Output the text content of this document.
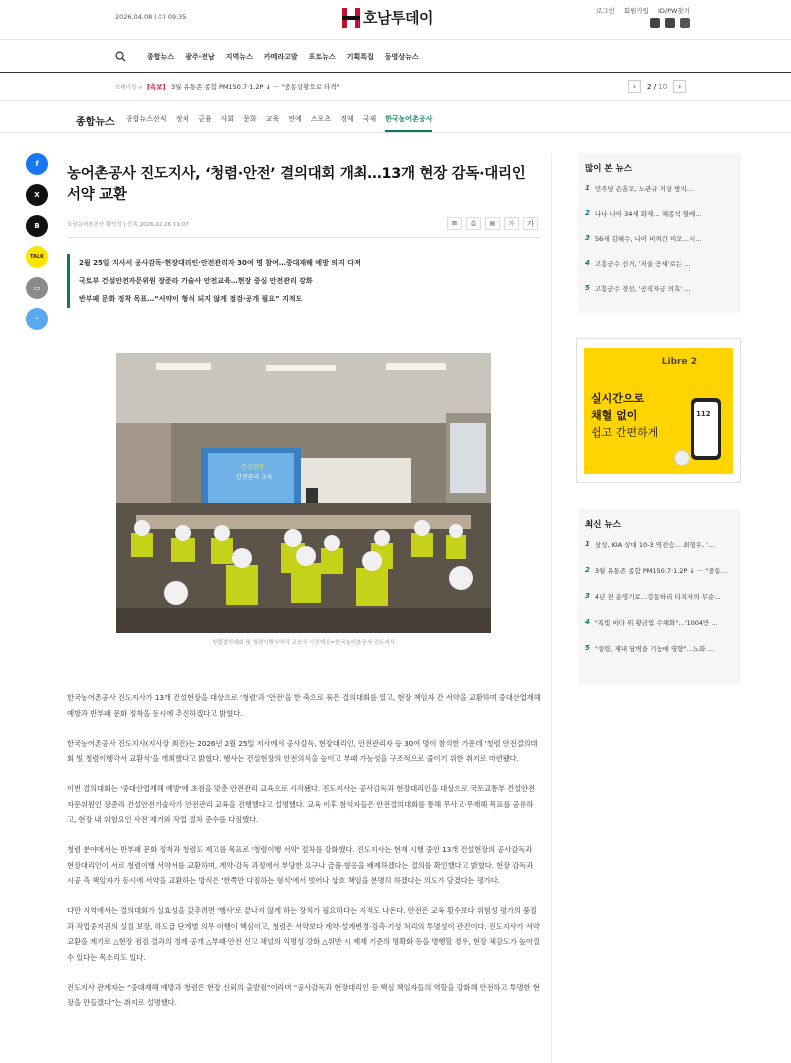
2026.04.08 (수) 09:35	호남투데이	로그인 회원가입 ID/PW찾기
종합뉴스 광주·전남 지역뉴스 카메라고발 포토뉴스 기획특집 동영상뉴스
브레이킹 > [속보] 3월 유통존 종합 PM150.7·1.2P ↓ ··· "중동상황으로 타격"	‹ 2 / 10 ›
종합뉴스 종합뉴스산식 정치 금융 사회 문화 교육 연예 스포츠 경제 국제 한국농어촌공사
f
X
B
TALK
▭
·
농어촌공사 진도지사, ‘청렴·안전’ 결의대회 개최…13개 현장 감독·대리인 서약 교환
호남농어촌공사 확인성 | 등록 2026.02.26 11:07	⊠	⎙	▤	가	가

2월 25일 지사서 공사감독·현장대리인·안전관리자 30여 명 참여…중대재해 예방 의지 다져

국토부 건설안전자문위원 장준라 기술사 안전교육…현장 중심 안전관리 강화

반부패 문화 정착 목표…“서약이 형식 되지 않게 점검·공개 필요” 지적도

건설현장
안전관리 교육
청렴결의대회 및 청렴이행서약식 교육식 사진제공=한국농어촌공사 진도지사

한국농어촌공사 진도지사가 13개 건설현장을 대상으로 '청렴'과 '안전'을 한 축으로 묶은 결의대회를 열고, 현장 책임자 간 서약을 교환하며 중대산업재해 예방과 반부패 문화 정착을 동시에 추진하겠다고 밝혔다.

한국농어촌공사 진도지사(지사장 최진)는 2026년 2월 25일 지사에서 공사감독, 현장대리인, 안전관리자 등 30여 명이 참석한 가운데 '청렴 안전결의대회 및 청렴이행각서 교환식'을 개최했다고 밝혔다. 행사는 건설현장의 안전의식을 높이고 부패 가능성을 구조적으로 줄이기 위한 취지로 마련됐다.

이번 결의대회는 '중대산업재해 예방'에 초점을 맞춘 안전관리 교육으로 시작됐다. 진도지사는 공사감독과 현장대리인을 대상으로 국토교통부 건설안전자문위원인 장준라 건설안전기술사가 안전관리 교육을 진행했다고 설명했다. 교육 이후 참석자들은 안전결의대회를 통해 무사고·무재해 목표를 공유하고, 현장 내 위험요인 사전 제거와 작업 절차 준수를 다짐했다.

청렴 분야에서는 반부패 문화 정착과 청렴도 제고를 목표로 '청렴이행 서약' 절차를 강화했다. 진도지사는 현재 시행 중인 13개 건설현장의 공사감독과 현장대리인이 서로 청렴이행 서약서를 교환하며, 계약·감독 과정에서 부당한 요구나 금품·향응을 배제하겠다는 결의를 확인했다고 밝혔다. 현장 감독과 시공 측 책임자가 동시에 서약을 교환하는 방식은 '한쪽만 다짐하는 형식'에서 벗어나 상호 책임을 분명히 하겠다는 의도가 담겼다는 평가다.

다만 지역에서는 결의대회가 실효성을 갖추려면 '행사'로 끝나지 않게 하는 장치가 필요하다는 지적도 나온다. 안전은 교육 횟수보다 위험성 평가의 품질과 작업중지권의 실질 보장, 하도급 단계별 의무 이행이 핵심이고, 청렴은 서약보다 계약·설계변경·검측·기성 처리의 투명성이 관건이다. 진도지사가 서약 교환을 계기로 △현장 점검 결과의 정례 공개 △부패·안전 신고 채널의 익명성 강화 △위반 시 제재 기준의 명확화 등을 병행할 경우, 현장 체감도가 높아질 수 있다는 목소리도 있다.

진도지사 관계자는 “중대재해 예방과 청렴은 현장 신뢰의 출발점”이라며 “공사감독과 현장대리인 등 핵심 책임자들의 역할을 강화해 안전하고 투명한 현장을 만들겠다”는 취지로 설명했다.

많이 본 뉴스
1 민주당 손훈모, 노관규 거상 방지…
2 나나 나이 34세 화제… 채종석 열애…
3 56세 김혜수, 나이 비껴간 미모…시…
4 고흥군수 선거, '저울 공세'로는 …
5 고흥군수 경선, '공직자금 의혹' …
Libre 2
실시간으로
채혈 없이
쉽고 간편하게
112
최신 뉴스
1 삼성, KIA 상대 10-3 역전승… 최형우, '…
2 3월 유통존 종합 PM150.7·1.2P ↓ ··· "중동…
3 4년 전 운영기로…강동하리 티지자의 무순…
4 "폭빛 바다 위 황금빛 수채화"…'1004만 …
5 "설령, 제내 담벽을 기능에 영향"…노화 …
